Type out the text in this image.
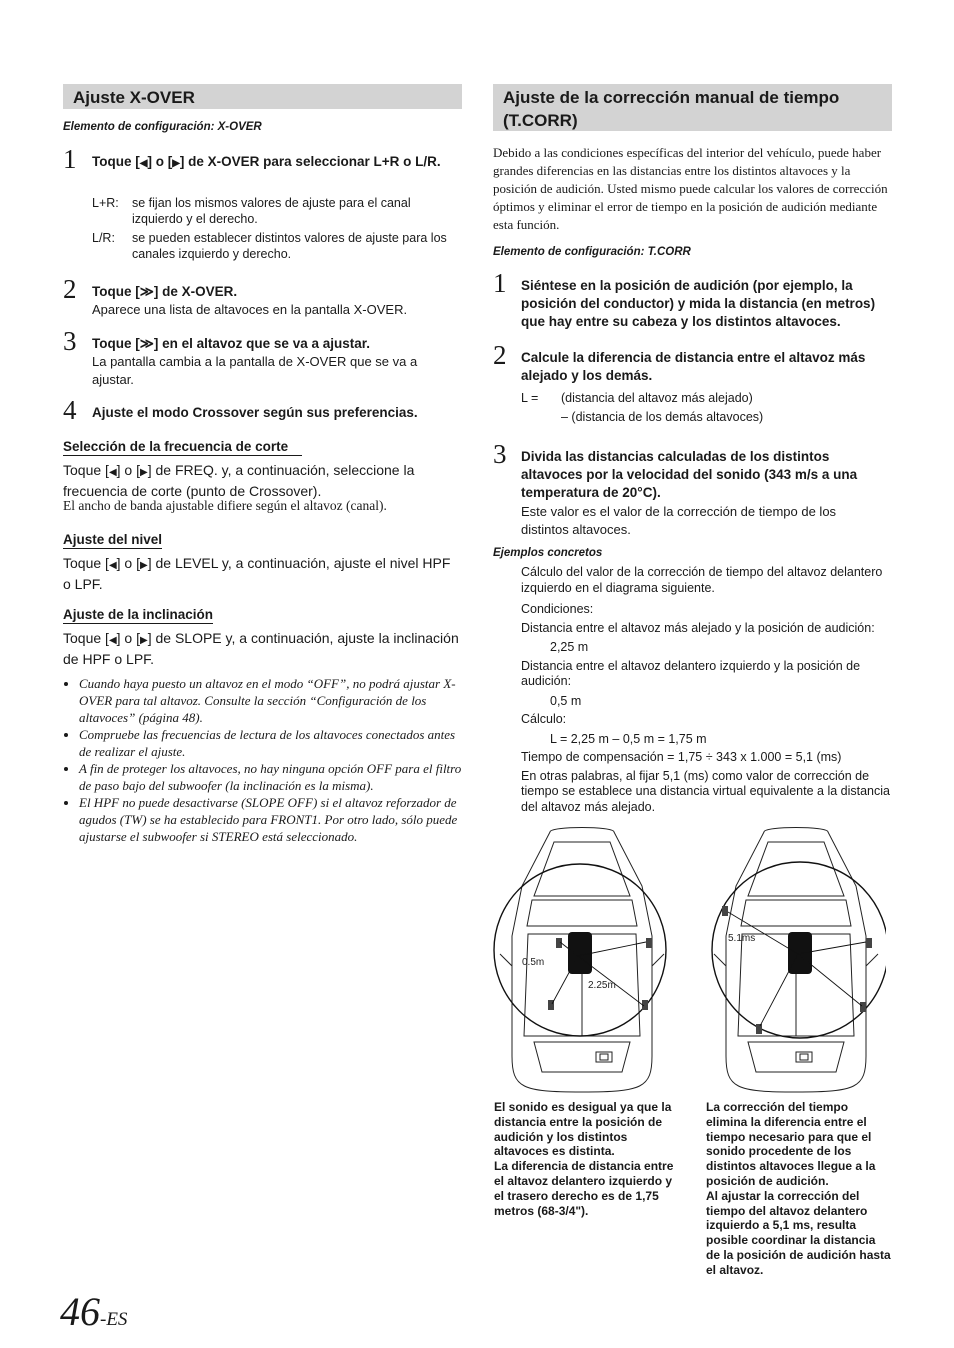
Ajuste X-OVER
Elemento de configuración: X-OVER
1 Toque [◀] o [▶] de X-OVER para seleccionar L+R o L/R.
L+R:	se fijan los mismos valores de ajuste para el canal izquierdo y el derecho.
L/R:	se pueden establecer distintos valores de ajuste para los canales izquierdo y derecho.
2 Toque [≫] de X-OVER.
Aparece una lista de altavoces en la pantalla X-OVER.
3 Toque [≫] en el altavoz que se va a ajustar.
La pantalla cambia a la pantalla de X-OVER que se va a ajustar.
4 Ajuste el modo Crossover según sus preferencias.
Selección de la frecuencia de corte
Toque [◀] o [▶] de FREQ. y, a continuación, seleccione la frecuencia de corte (punto de Crossover).
El ancho de banda ajustable difiere según el altavoz (canal).
Ajuste del nivel
Toque [◀] o [▶] de LEVEL y, a continuación, ajuste el nivel HPF o LPF.
Ajuste de la inclinación
Toque [◀] o [▶] de SLOPE y, a continuación, ajuste la inclinación de HPF o LPF.
• Cuando haya puesto un altavoz en el modo “OFF”, no podrá ajustar X-OVER para tal altavoz. Consulte la sección “Configuración de los altavoces” (página 48).
• Compruebe las frecuencias de lectura de los altavoces conectados antes de realizar el ajuste.
• A fin de proteger los altavoces, no hay ninguna opción OFF para el filtro de paso bajo del subwoofer (la inclinación es la misma).
• El HPF no puede desactivarse (SLOPE OFF) si el altavoz reforzador de agudos (TW) se ha establecido para FRONT1. Por otro lado, sólo puede ajustarse el subwoofer si STEREO está seleccionado.
Ajuste de la corrección manual de tiempo (T.CORR)
Debido a las condiciones específicas del interior del vehículo, puede haber grandes diferencias en las distancias entre los distintos altavoces y la posición de audición. Usted mismo puede calcular los valores de corrección óptimos y eliminar el error de tiempo en la posición de audición mediante esta función.
Elemento de configuración: T.CORR
1 Siéntese en la posición de audición (por ejemplo, la posición del conductor) y mida la distancia (en metros) que hay entre su cabeza y los distintos altavoces.
2 Calcule la diferencia de distancia entre el altavoz más alejado y los demás.
L =	(distancia del altavoz más alejado)
– (distancia de los demás altavoces)
3 Divida las distancias calculadas de los distintos altavoces por la velocidad del sonido (343 m/s a una temperatura de 20°C).
Este valor es el valor de la corrección de tiempo de los distintos altavoces.
Ejemplos concretos
Cálculo del valor de la corrección de tiempo del altavoz delantero izquierdo en el diagrama siguiente.
Condiciones:
Distancia entre el altavoz más alejado y la posición de audición:
2,25 m
Distancia entre el altavoz delantero izquierdo y la posición de audición:
0,5 m
Cálculo:
L = 2,25 m – 0,5 m = 1,75 m
Tiempo de compensación = 1,75 ÷ 343 x 1.000 = 5,1 (ms)
En otras palabras, al fijar 5,1 (ms) como valor de corrección de tiempo se establece una distancia virtual equivalente a la distancia del altavoz más alejado.
0.5m
2.25m
5.1ms
El sonido es desigual ya que la distancia entre la posición de audición y los distintos altavoces es distinta.
La diferencia de distancia entre el altavoz delantero izquierdo y el trasero derecho es de 1,75 metros (68-3/4").
La corrección del tiempo elimina la diferencia entre el tiempo necesario para que el sonido procedente de los distintos altavoces llegue a la posición de audición.
Al ajustar la corrección del tiempo del altavoz delantero izquierdo a 5,1 ms, resulta posible coordinar la distancia de la posición de audición hasta el altavoz.
46-ES
